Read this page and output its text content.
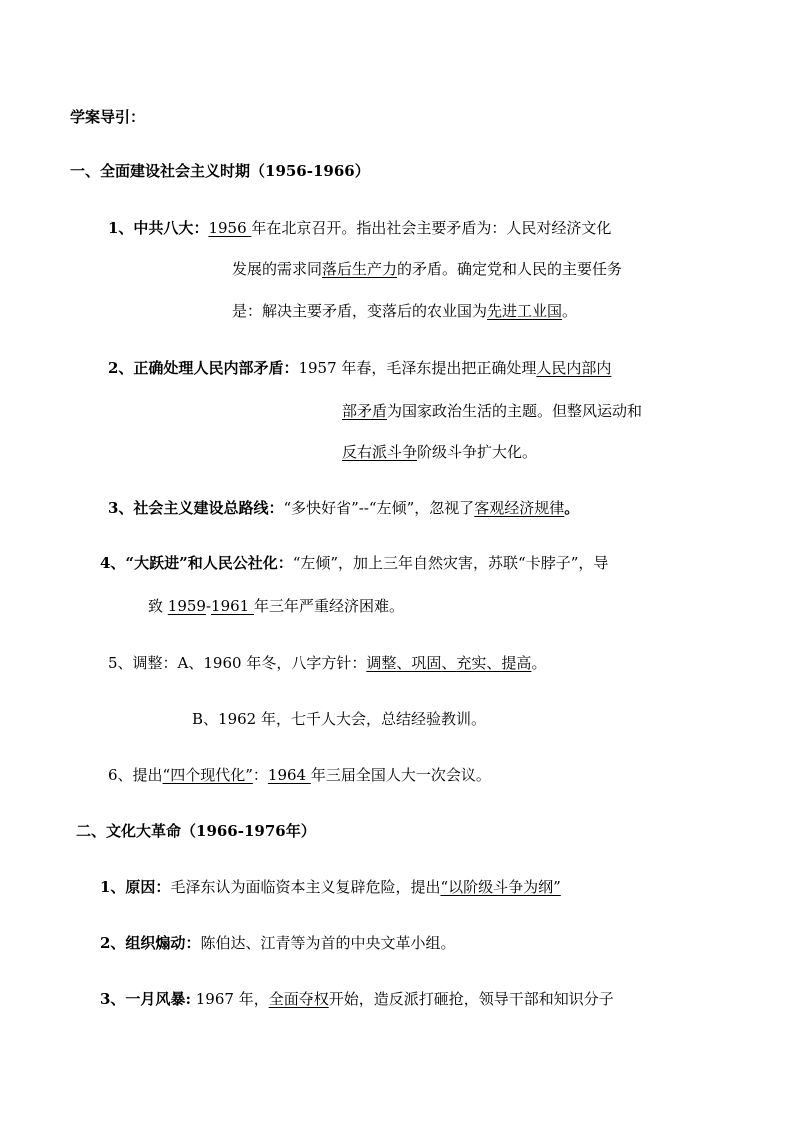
学案导引：
一、全面建设社会主义时期（1956-1966）
1、中共八大：1956 年在北京召开。指出社会主要矛盾为：人民对经济文化
发展的需求同落后生产力的矛盾。确定党和人民的主要任务
是：解决主要矛盾，变落后的农业国为先进工业国。
2、正确处理人民内部矛盾：1957 年春，毛泽东提出把正确处理人民内部内
部矛盾为国家政治生活的主题。但整风运动和
反右派斗争阶级斗争扩大化。
3、社会主义建设总路线：“多快好省”--“左倾”，忽视了客观经济规律。
4、“大跃进”和人民公社化：“左倾”，加上三年自然灾害，苏联“卡脖子”，导
致 1959-1961 年三年严重经济困难。
5、调整：A、1960 年冬，八字方针：调整、巩固、充实、提高。
B、1962 年，七千人大会，总结经验教训。
6、提出“四个现代化”：1964 年三届全国人大一次会议。
二、文化大革命（1966-1976年）
1、原因：毛泽东认为面临资本主义复辟危险，提出“以阶级斗争为纲”
2、组织煽动：陈伯达、江青等为首的中央文革小组。
3、一月风暴: 1967 年，全面夺权开始，造反派打砸抢，领导干部和知识分子
